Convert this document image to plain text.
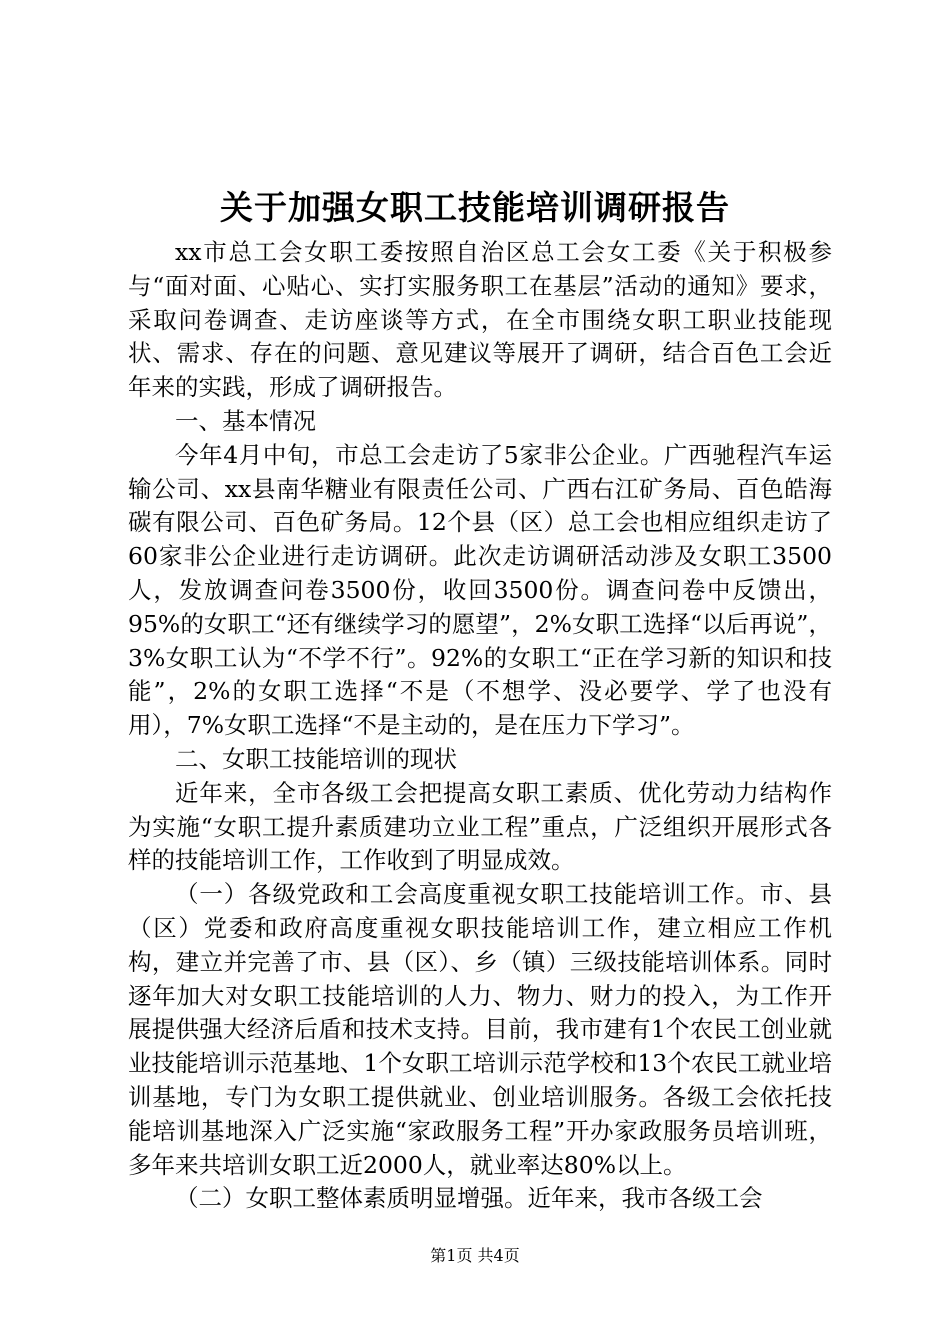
关于加强女职工技能培训调研报告

xx市总工会女职工委按照自治区总工会女工委《关于积极参与“面对面、心贴心、实打实服务职工在基层”活动的通知》要求，采取问卷调查、走访座谈等方式，在全市围绕女职工职业技能现状、需求、存在的问题、意见建议等展开了调研，结合百色工会近年来的实践，形成了调研报告。

一、基本情况

今年4月中旬，市总工会走访了5家非公企业。广西驰程汽车运输公司、xx县南华糖业有限责任公司、广西右江矿务局、百色皓海碳有限公司、百色矿务局。12个县（区）总工会也相应组织走访了60家非公企业进行走访调研。此次走访调研活动涉及女职工3500人，发放调查问卷3500份，收回3500份。调查问卷中反馈出，95%的女职工“还有继续学习的愿望”，2%女职工选择“以后再说”，3%女职工认为“不学不行”。92%的女职工“正在学习新的知识和技能”，2%的女职工选择“不是（不想学、没必要学、学了也没有用），7%女职工选择“不是主动的，是在压力下学习”。

二、女职工技能培训的现状

近年来，全市各级工会把提高女职工素质、优化劳动力结构作为实施“女职工提升素质建功立业工程”重点，广泛组织开展形式各样的技能培训工作，工作收到了明显成效。

（一）各级党政和工会高度重视女职工技能培训工作。市、县（区）党委和政府高度重视女职技能培训工作，建立相应工作机构，建立并完善了市、县（区）、乡（镇）三级技能培训体系。同时逐年加大对女职工技能培训的人力、物力、财力的投入，为工作开展提供强大经济后盾和技术支持。目前，我市建有1个农民工创业就业技能培训示范基地、1个女职工培训示范学校和13个农民工就业培训基地，专门为女职工提供就业、创业培训服务。各级工会依托技能培训基地深入广泛实施“家政服务工程”开办家政服务员培训班，多年来共培训女职工近2000人，就业率达80%以上。

（二）女职工整体素质明显增强。近年来，我市各级工会

第1页 共4页
